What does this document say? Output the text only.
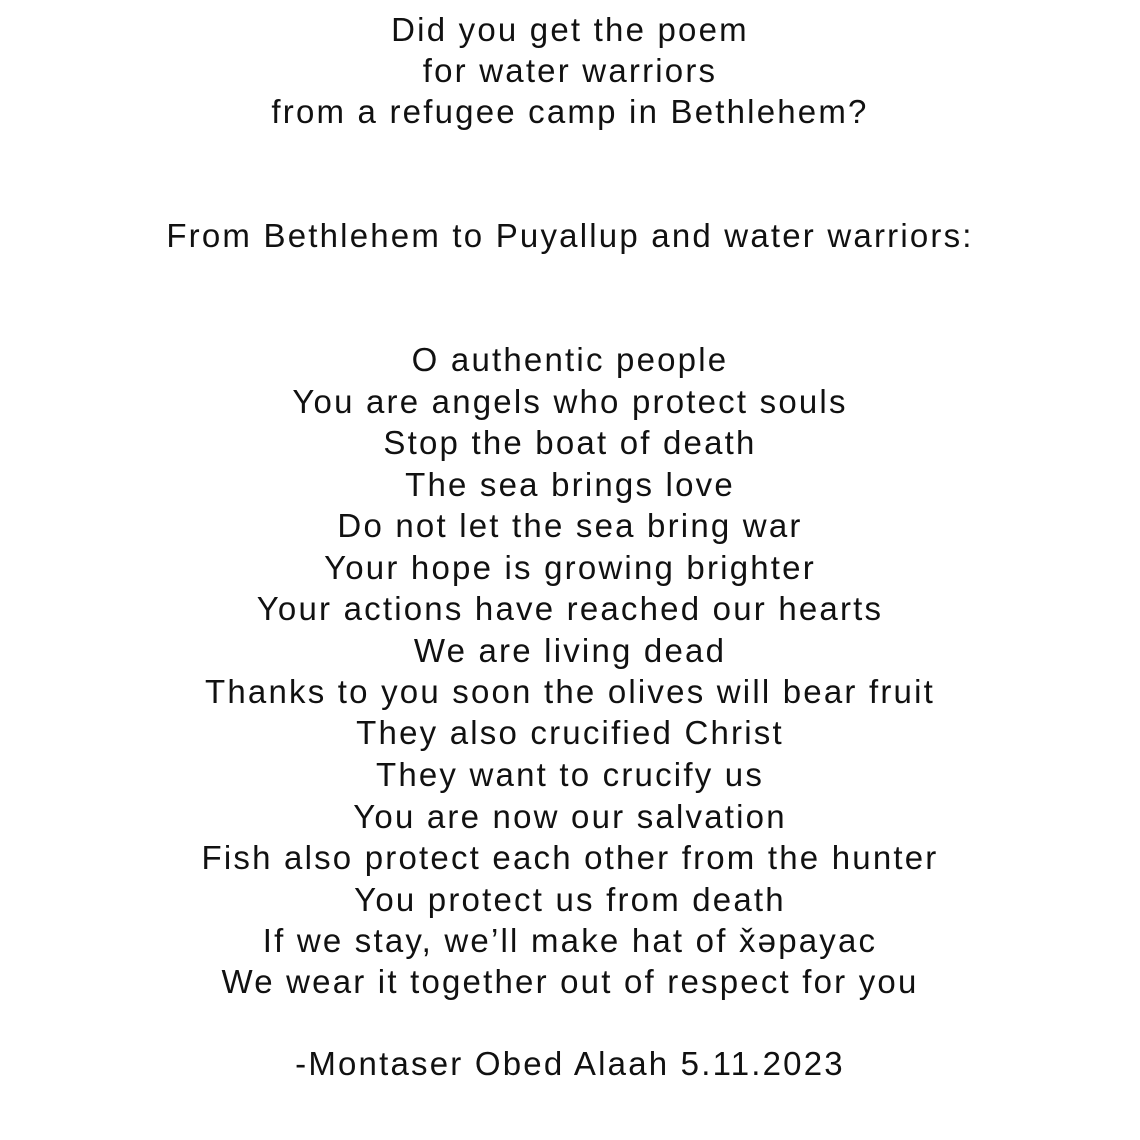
Did you get the poem
for water warriors
from a refugee camp in Bethlehem?
From Bethlehem to Puyallup and water warriors:
O authentic people
You are angels who protect souls
Stop the boat of death
The sea brings love
Do not let the sea bring war
Your hope is growing brighter
Your actions have reached our hearts
We are living dead
Thanks to you soon the olives will bear fruit
They also crucified Christ
They want to crucify us
You are now our salvation
Fish also protect each other from the hunter
You protect us from death
If we stay, we’ll make hat of x̌əpayac
We wear it together out of respect for you
-Montaser Obed Alaah 5.11.2023
